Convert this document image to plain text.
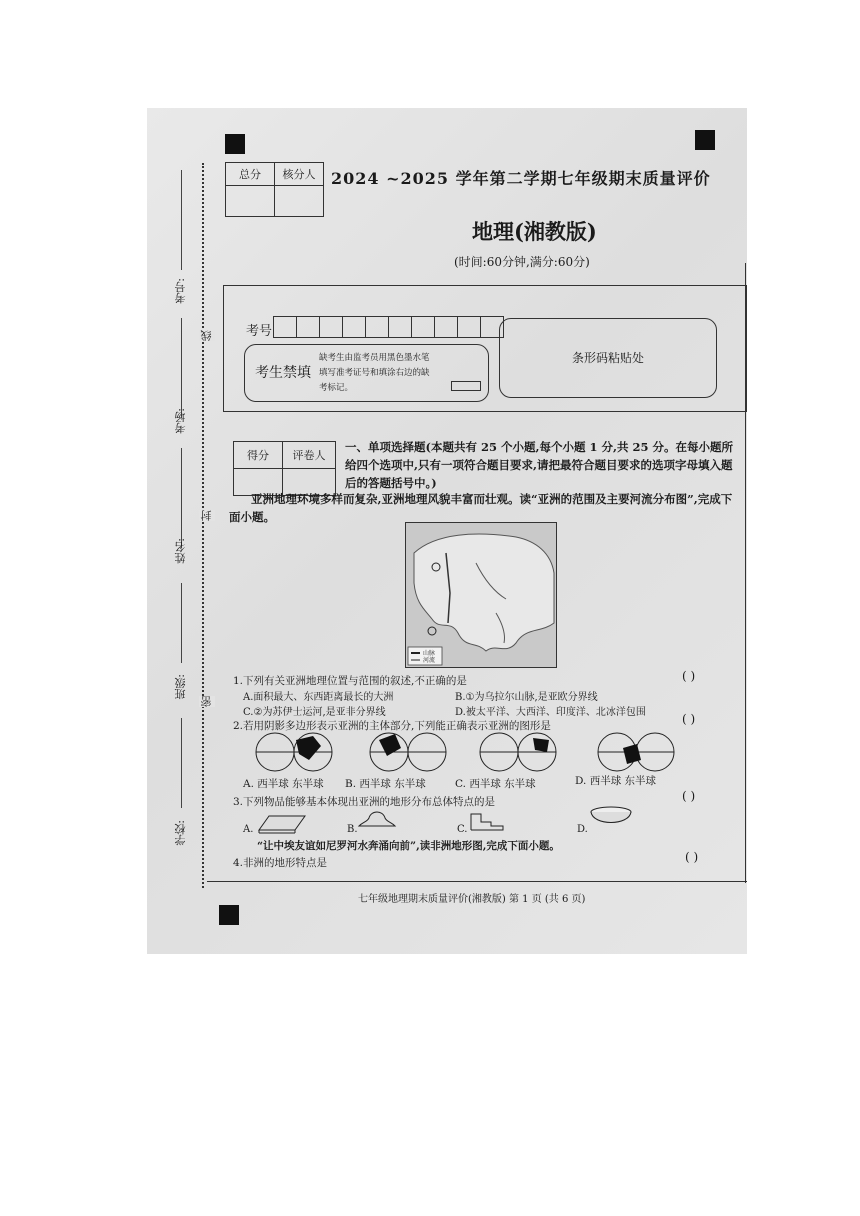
考号:
考场:
姓名:
班级:
学校:
线
封
密
总分	核分人
	2024 ~2025 学年第二学期七年级期末质量评价
地理(湘教版)
(时间:60分钟,满分:60分)
考号
考生禁填
缺考生由监考员用黑色墨水笔
填写准考证号和填涂右边的缺
考标记。
条形码粘贴处
得分	评卷人

一、单项选择题(本题共有 25 个小题,每个小题 1 分,共 25 分。在每小题所给四个选项中,只有一项符合题目要求,请把最符合题目要求的选项字母填入题后的答题括号中。)
亚洲地理环境多样而复杂,亚洲地理风貌丰富而壮观。读“亚洲的范围及主要河流分布图”,完成下面小题。
山脉
河流
1.下列有关亚洲地理位置与范围的叙述,不正确的是	( )
A.面积最大、东西距离最长的大洲	B.①为乌拉尔山脉,是亚欧分界线
C.②为苏伊士运河,是亚非分界线	D.被太平洋、大西洋、印度洋、北冰洋包围
2.若用阴影多边形表示亚洲的主体部分,下列能正确表示亚洲的图形是	( )
A. 西半球 东半球 B. 西半球 东半球	C. 西半球 东半球	D. 西半球 东半球
3.下列物品能够基本体现出亚洲的地形分布总体特点的是	( )
A.	B.	C.	D.
“让中埃友谊如尼罗河水奔涌向前”,读非洲地形图,完成下面小题。
4.非洲的地形特点是	( )
七年级地理期末质量评价(湘教版) 第 1 页 (共 6 页)
